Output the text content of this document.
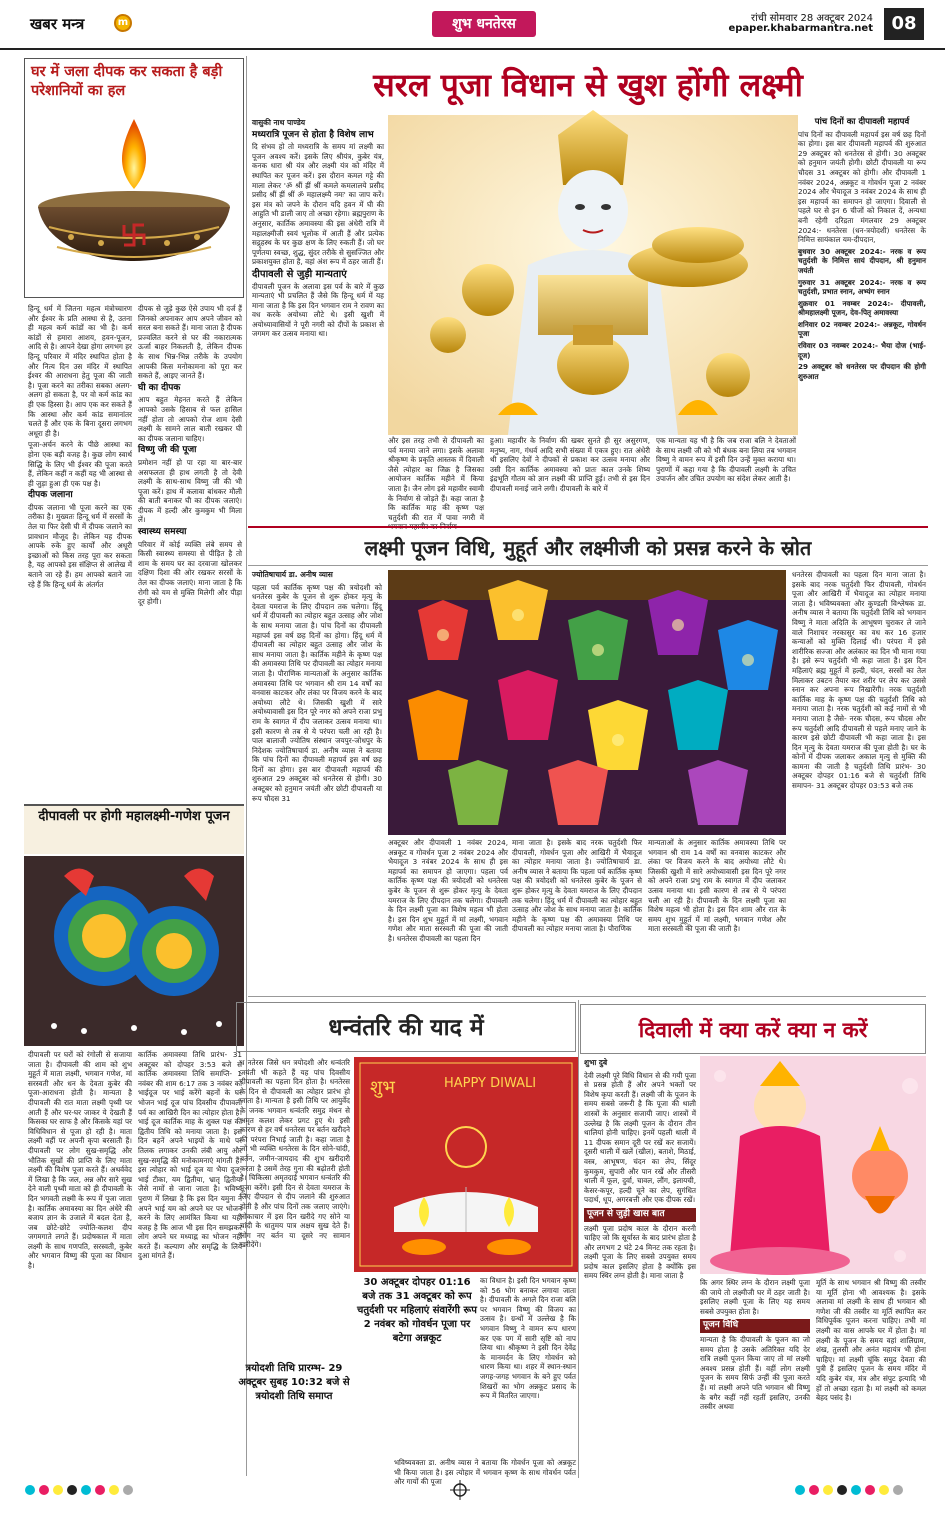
खबर मन्त्र	m	शुभ धनतेरस	रांची सोमवार 28 अक्टूबर 2024
epaper.khabarmantra.net	08
घर में जला दीपक कर सकता है बड़ी परेशानियों का हल

हिन्दू धर्म में जितना महत्व मंत्रोच्चारण और ईश्वर के प्रति आस्था से है, उतना ही महत्व कर्म कांडों का भी है। कर्म कांडों से हमारा आशय, हवन-पूजन, आदि से है। आपने देखा होगा लगभग हर हिन्दू परिवार में मंदिर स्थापित होता है और नित्य दिन उस मंदिर में स्थापित ईश्वर की आराधना हेतु पूजा की जाती है। पूजा करने का तरीका सबका अलग-अलग हो सकता है, पर वो कर्म कांड का ही एक हिस्सा है। आप एक कर सकते हैं कि आस्था और कर्म कांड समानांतर चलते हैं और एक के बिना दूसरा लगभग अधूरा ही है।

पूजा-अर्चन करने के पीछे आस्था का होना एक बड़ी वजह है। कुछ लोग स्वार्थ सिद्धि के लिए भी ईश्वर की पूजा करते हैं, लेकिन कहीं न कहीं यह भी आस्था से ही जुड़ा हुआ ही एक पक्ष है।

दीपक जलाना

दीपक जलाना भी पूजा करने का एक तरीका है। मुख्यतः हिन्दू धर्म में सरसों के तेल या फिर देसी घी में दीपक जलाने का प्रावधान मौजूद है। लेकिन यह दीपक आपके रुके हुए कार्यों और अधूरी इच्छाओं को किस तरह पूरा कर सकता है, यह आपको इस संक्षिप्त से आलेख में बताने जा रहे हैं। हम आपको बताने जा रहे हैं कि हिन्दू धर्म के अंतर्गत

दीपक से जुड़े कुछ ऐसे उपाय भी दर्ज हैं जिनको अपनाकर आप अपने जीवन को सरल बना सकते हैं। माना जाता है दीपक प्रज्वलित करने से घर की नकारात्मक ऊर्जा बाहर निकलती है, लेकिन दीपक के साथ भिन्न-भिन्न तरीके के उपयोग आपकी किस मनोकामना को पूरा कर सकते हैं, आइए जानते हैं।

घी का दीपक

आप बहुत मेहनत करते हैं लेकिन आपको उसके हिसाब से फल हासिल नहीं होता तो आपको रोज शाम देसी लक्ष्मी के सामने लाल बाती रखकर घी का दीपक जलाना चाहिए।

विष्णु जी की पूजा

प्रमोशन नहीं हो पा रहा या बार-बार असफलता ही हाथ लगती है तो देवी लक्ष्मी के साथ-साथ विष्णु जी की भी पूजा करें। हाथ में कलावा बांधकर मौली की बाती बनाकर घी का दीपक जलाएं। दीपक में हल्दी और कुमकुम भी मिला लें।

स्वास्थ्य समस्या

परिवार में कोई व्यक्ति लंबे समय से किसी स्वास्थ्य समस्या से पीड़ित है तो शाम के समय घर का दरवाजा खोलकर दक्षिण दिशा की ओर रखकर सरसों के तेल का दीपक जलाएं। माना जाता है कि रोगी को यम से मुक्ति मिलेगी और पीड़ा दूर होगी।

सरल पूजा विधान से खुश होंगी लक्ष्मी
वासुकी नाथ पाण्डेय
मध्यरात्रि पूजन से होता है विशेष लाभ

दि संभव हो तो मध्यरात्रि के समय मां लक्ष्मी का पूजन अवश्य करें। इसके लिए श्रीयंत्र, कुबेर यंत्र, कनक धारा श्री यंत्र और लक्ष्मी यंत्र को मंदिर में स्थापित कर पूजन करें। इस दौरान कमल गट्टे की माला लेकर 'ॐ श्रीं ह्रीं श्रीं कमले कमलालये प्रसीद प्रसीद श्रीं ह्रीं श्रीं ॐ महालक्ष्म्यै नमः' का जाप करें। इस मंत्र को जपने के दौरान यदि हवन में घी की आहुति भी डाली जाए तो अच्छा रहेगा। ब्रह्मपुराण के अनुसार, कार्तिक अमावस्या की इस अंधेरी रात्रि में महालक्ष्मीजी स्वयं भूलोक में आती हैं और प्रत्येक सद्गृहस्थ के घर कुछ क्षण के लिए रुकती हैं। जो घर पूर्णतया स्वच्छ, शुद्ध, सुंदर तरीके से सुसज्जित और प्रकाशयुक्त होता है, वहां अंश रूप में ठहर जाती हैं।

दीपावली से जुड़ी मान्यताएं

दीपावली पूजन के अलावा इस पर्व के बारे में कुछ मान्यताएं भी प्रचलित हैं जैसे कि हिन्दू धर्म में यह माना जाता है कि इस दिन भगवान राम ने रावण का वध करके अयोध्या लौटे थे। इसी खुशी में अयोध्यावासियों ने पूरी नगरी को दीपों के प्रकाश से जगमग कर उत्सव मनाया था।

और इस तरह तभी से दीपावली का पर्व मनाया जाने लगा। इसके अलावा श्रीकृष्ण के प्रकृति आस्तक में दिवाली जैसे त्योहार का जिक्र है जिसका आयोजन कार्तिक महीने में किया जाता है। जैन लोग इसे महावीर स्वामी के निर्वाण से जोड़ते हैं। कहा जाता है कि कार्तिक माह की कृष्ण पक्ष चतुर्दशी की रात में पावा नगरी में भगवान महावीर का निर्वाण

हुआ। महावीर के निर्वाण की खबर सुनते ही सुर असुरगण, मनुष्य, नाग, गंधर्व आदि सभी संख्या में एकत्र हुए। रात अंधेरी थी इसलिए देवों ने दीपकों से प्रकाश कर उत्सव मनाया और उसी दिन कार्तिक अमावस्या को प्रातः काल उनके शिष्य इंद्रभूति गौतम को ज्ञान लक्ष्मी की प्राप्ति हुई। तभी से इस दिन दीपावली मनाई जाने लगी। दीपावली के बारे में

एक मान्यता यह भी है कि जब राजा बलि ने देवताओं के साथ लक्ष्मी जी को भी बंधक बना लिया तब भगवान विष्णु ने वामन रूप में इसी दिन उन्हें मुक्त कराया था। पुराणों में कहा गया है कि दीपावली लक्ष्मी के उचित उपार्जन और उचित उपयोग का संदेश लेकर आती है।

पांच दिनों का दीपावली महापर्व

पांच दिनों का दीपावली महापर्व इस वर्ष छह दिनों का होगा। इस बार दीपावली महापर्व की शुरुआत 29 अक्टूबर को धनतेरस से होगी। 30 अक्टूबर को हनुमान जयंती होगी। छोटी दीपावली या रूप चौदस 31 अक्टूबर को होगी। और दीपावली 1 नवंबर 2024, अन्नकूट व गोवर्धन पूजा 2 नवंबर 2024 और भैयादूज 3 नवंबर 2024 के साथ ही इस महापर्व का समापन हो जाएगा। दिवाली से पहले घर से इन 6 चीजों को निकाल दें, अन्यथा बनी रहेगी दरिद्रता मंगलवार 29 अक्टूबर 2024:- धनतेरस (धन-त्रयोदशी) धनतेरस के निमित्त सायंकाल यम-दीपदान,

बुधवार 30 अक्टूबर 2024:- नरक व रूप चतुर्दशी के निमित्त सायं दीपदान, श्री हनुमान जयंती

गुरुवार 31 अक्टूबर 2024:- नरक व रूप चतुर्दशी, प्रभात स्नान, अभ्यंग स्नान

शुक्रवार 01 नवम्बर 2024:- दीपावली, श्रीमहालक्ष्मी पूजन, देव-पितृ अमावस्या

शनिवार 02 नवम्बर 2024:- अन्नकूट, गोवर्धन पूजा

रविवार 03 नवम्बर 2024:- भैया दोज (भाई-दूज)

29 अक्टूबर को धनतेरस पर दीपदान की होगी शुरुआत

लक्ष्मी पूजन विधि, मुहूर्त और लक्ष्मीजी को प्रसन्न करने के स्रोत
ज्योतिषाचार्य डा. अनीष व्यास

पहला पर्व कार्तिक कृष्ण पक्ष की त्रयोदशी को धनतेरस कुबेर के पूजन से शुरू होकर मृत्यु के देवता यमराज के लिए दीपदान तक चलेगा। हिंदू धर्म में दीपावली का त्योहार बहुत उत्साह और जोश के साथ मनाया जाता है। पांच दिनों का दीपावली महापर्व इस वर्ष छह दिनों का होगा। हिंदू धर्म में दीपावली का त्योहार बहुत उत्साह और जोश के साथ मनाया जाता है। कार्तिक महीने के कृष्ण पक्ष की अमावस्या तिथि पर दीपावली का त्योहार मनाया जाता है। पौराणिक मान्यताओं के अनुसार कार्तिक अमावस्या तिथि पर भगवान श्री राम 14 वर्षों का वनवास काटकर और लंका पर विजय करने के बाद अयोध्या लौटे थे। जिसकी खुशी में सारे अयोध्यावासी इस दिन पूरे नगर को अपने राजा प्रभु राम के स्वागत में दीप जलाकर उत्सव मनाया था। इसी कारण से तब से ये परंपरा चली आ रही है। पाल बालाजी ज्योतिष संस्थान जयपुर-जोधपुर के निदेशक ज्योतिषाचार्य डा. अनीष व्यास ने बताया कि पांच दिनों का दीपावली महापर्व इस वर्ष छह दिनों का होगा। इस बार दीपावली महापर्व की शुरुआत 29 अक्टूबर को धनतेरस से होगी। 30 अक्टूबर को हनुमान जयंती और छोटी दीपावली या रूप चौदस 31

अक्टूबर और दीपावली 1 नवंबर 2024, अन्नकूट व गोवर्धन पूजा 2 नवंबर 2024 और भैयादूज 3 नवंबर 2024 के साथ ही इस महापर्व का समापन हो जाएगा। पहला पर्व कार्तिक कृष्ण पक्ष की त्रयोदशी को धनतेरस कुबेर के पूजन से शुरू होकर मृत्यु के देवता यमराज के लिए दीपदान तक चलेगा। दीपावली के दिन लक्ष्मी पूजा का विशेष महत्व भी होता है। इस दिन शुभ मुहूर्त में मां लक्ष्मी, भगवान गणेश और माता सरस्वती की पूजा की जाती है। धनतेरस दीपावली का पहला दिन

माना जाता है। इसके बाद नरक चतुर्दशी फिर दीपावली, गोवर्धन पूजा और आखिरी में भैयादूज का त्योहार मनाया जाता है। ज्योतिषाचार्य डा. अनीष व्यास ने बताया कि पहला पर्व कार्तिक कृष्ण पक्ष की त्रयोदशी को धनतेरस कुबेर के पूजन से शुरू होकर मृत्यु के देवता यमराज के लिए दीपदान तक चलेगा। हिंदू धर्म में दीपावली का त्योहार बहुत उत्साह और जोश के साथ मनाया जाता है। कार्तिक महीने के कृष्ण पक्ष की अमावस्या तिथि पर दीपावली का त्योहार मनाया जाता है। पौराणिक

मान्यताओं के अनुसार कार्तिक अमावस्या तिथि पर भगवान श्री राम 14 वर्षों का वनवास काटकर और लंका पर विजय करने के बाद अयोध्या लौटे थे। जिसकी खुशी में सारे अयोध्यावासी इस दिन पूरे नगर को अपने राजा प्रभु राम के स्वागत में दीप जलाकर उत्सव मनाया था। इसी कारण से तब से ये परंपरा चली आ रही है। दीपावली के दिन लक्ष्मी पूजा का विशेष महत्व भी होता है। इस दिन शाम और रात के समय शुभ मुहूर्त में मां लक्ष्मी, भगवान गणेश और माता सरस्वती की पूजा की जाती है।

धनतेरस दीपावली का पहला दिन माना जाता है। इसके बाद नरक चतुर्दशी फिर दीपावली, गोवर्धन पूजा और आखिरी में भैयादूज का त्योहार मनाया जाता है। भविष्यवक्ता और कुण्डली विश्लेषक डा. अनीष व्यास ने बताया कि चतुर्दशी तिथि को भगवान विष्णु ने माता अदिति के आभूषण चुराकर ले जाने वाले निशाचर नरकासुर का वध कर 16 हजार कन्याओं को मुक्ति दिलाई थी। परंपरा में इसे शारीरिक सज्जा और अलंकार का दिन भी माना गया है। इसे रूप चतुर्दशी भी कहा जाता है। इस दिन महिलाएं ब्रह्म मुहूर्त में हल्दी, चंदन, सरसों का तेल मिलाकर उबटन तैयार कर शरीर पर लेप कर उससे स्नान कर अपना रूप निखारेंगी। नरक चतुर्दशी कार्तिक माह के कृष्ण पक्ष की चतुर्दशी तिथि को मनाया जाता है। नरक चतुर्दशी को कई नामों से भी मनाया जाता है जैसे- नरक चौदस, रूप चौदस और रूप चतुर्दशी आदि दीपावली से पहले मनाए जाने के कारण इसे छोटी दीपावली भी कहा जाता है। इस दिन मृत्यु के देवता यमराज की पूजा होती है। घर के कोनों में दीपक जलाकर अकाल मृत्यु से मुक्ति की कामना की जाती है चतुर्दशी तिथि प्रारंभ- 30 अक्टूबर दोपहर 01:16 बजे से चतुर्दशी तिथि समापन- 31 अक्टूबर दोपहर 03:53 बजे तक

दीपावली पर होगी महालक्ष्मी-गणेश पूजन

दीपावली पर घरों को रंगोली से सजाया जाता है। दीपावली की शाम को शुभ मुहूर्त में माता लक्ष्मी, भगवान गणेश, मां सरस्वती और धन के देवता कुबेर की पूजा-आराधना होती है। मान्यता है दीपावली की रात माता लक्ष्मी पृथ्वी पर आती हैं और घर-घर जाकर ये देखती हैं किसका घर साफ है और किसके यहां पर विधिविधान से पूजा हो रही है। माता लक्ष्मी वहीं पर अपनी कृपा बरसाती हैं। दीपावली पर लोग सुख-समृद्धि और भौतिक सुखों की प्राप्ति के लिए माता लक्ष्मी की विशेष पूजा करते हैं। अथर्ववेद में लिखा है कि जल, अन्न और सारे सुख देने वाली पृथ्वी माता को ही दीपावली के दिन भगवती लक्ष्मी के रूप में पूजा जाता है। कार्तिक अमावस्या का दिन अंधेरे की बजाय ज्ञान के उजाले में बदल देता है, जब छोटे-छोटे ज्योति-कलश दीप जगमगाते लगते हैं। प्रदोषकाल में माता लक्ष्मी के साथ गणपति, सरस्वती, कुबेर और भगवान विष्णु की पूजा का विधान है।

कार्तिक अमावस्या तिथि प्रारंभ- 31 अक्टूबर को दोपहर 3:53 बजे से कार्तिक अमावस्या तिथि समाप्ति- 1 नवंबर की शाम 6:17 तक 3 नवंबर को भाईदूज पर भाई करेंगे बहनों के घर भोजन भाई दूज पांच दिवसीय दीपावली पर्व का आखिरी दिन का त्योहार होता है। भाई दूज कार्तिक माह के शुक्ल पक्ष की द्वितीय तिथि को मनाया जाता है। इस दिन बहनें अपने भाइयों के माथे पर तिलक लगाकर उनकी लंबी आयु और सुख-समृद्धि की मनोकामनाएं मांगती हैं। इस त्योहार को भाई दूज या भैया दूज, भाई टीका, यम द्वितीया, भ्रातृ द्वितीया जैसे नामों से जाना जाता है। भविष्य पुराण में लिखा है कि इस दिन यमुना ने अपने भाई यम को अपने घर पर भोजन करने के लिए आमंत्रित किया था यही वजह है कि आज भी इस दिन समझकर लोग अपने घर मध्याह्न का भोजन नहीं करते हैं। कल्याण और समृद्धि के लिये दुआ मांगते हैं।

धन्वंतरि की याद में

ध नतेरस जिसे धन त्रयोदशी और धन्वंतरि जयंती भी कहते हैं यह पांच दिवसीय दीपावली का पहला दिन होता है। धनतेरस के दिन से दीपावली का त्योहार प्रारंभ हो जाता है। मान्यता है इसी तिथि पर आयुर्वेद के जनक भगवान धन्वंतरि समुद्र मंथन से अमृत कलश लेकर प्रगट हुए थे। इसी कारण से हर वर्ष धनतेरस पर बर्तन खरीदने की परंपरा निभाई जाती है। कहा जाता है जो भी व्यक्ति धनतेरस के दिन सोने-चांदी, बर्तन, जमीन-जायदाद की शुभ खरीदारी करता है उसमें तेरह गुना की बढ़ोतरी होती है। चिकित्सा अमृतदाई भगवान धन्वंतरि की पूजा करेंगे। इसी दिन से देवता यमराज के लिए दीपदान से दीप जलाने की शुरुआत होती है और पांच दिनों तक जलाए जाएंगे। लोकाचार में इस दिन खरीदे गए सोने या चांदी के धातुमय पात्र अक्षय सुख देते हैं। लोग नए बर्तन या दूसरे नए सामान खरीदेंगे।

शुभ	HAPPY DIWALI
त्रयोदशी तिथि प्रारम्भ- 29 अक्टूबर सुबह 10:32 बजे से त्रयोदशी तिथि समाप्त
30 अक्टूबर दोपहर 01:16 बजे तक 31 अक्टूबर को रूप चतुर्दशी पर महिलाएं संवारेंगी रूप 2 नवंबर को गोवर्धन पूजा पर बटेगा अन्नकूट

का विधान है। इसी दिन भगवान कृष्ण को 56 भोग बनाकर लगाया जाता है। दीपावली के अगले दिन राजा बलि पर भगवान विष्णु की विजय का उत्सव है। ग्रन्थों में उल्लेख है कि भगवान विष्णु ने वामन रूप धारण कर एक पग में सारी सृष्टि को नाप लिया था। श्रीकृष्ण ने इसी दिन देवेंद्र के मानमर्दन के लिए गोवर्धन को धारण किया था। शहर में स्थान-स्थान जगह-जगह भगवान के बने हुए पर्वत शिखरों का भोग अन्नकूट प्रसाद के रूप में वितरित जाएगा।

भविष्यवक्ता डा. अनीष व्यास ने बताया कि गोवर्धन पूजा को अन्नकूट भी किया जाता है। इस त्योहार में भगवान कृष्ण के साथ गोवर्धन पर्वत और गायों की पूजा

दिवाली में क्या करें क्या न करें
शुभा दुबे

देवी लक्ष्मी पूरे विधि विधान से की गयी पूजा से प्रसन्न होती हैं और अपने भक्तों पर विशेष कृपा करती हैं। लक्ष्मी जी के पूजन के समय सबसे जरूरी है कि पूजा की थाली शास्त्रों के अनुसार सजायी जाए। शास्त्रों में उल्लेख है कि लक्ष्मी पूजन के दौरान तीन थालियां होनी चाहिए। इनमें पहली थाली में 11 दीपक समान दूरी पर रखें कर सजायें। दूसरी थाली में खलें (खील), बताशे, मिठाई, वस्त्र, आभूषण, चंदन का लेप, सिंदूर कुमकुम, सुपारी और पान रखें और तीसरी थाली में फूल, दुर्वा, चावल, लौंग, इलायची, केसर-कपूर, हल्दी चूने का लेप, सुगंधित पदार्थ, धूप, अगरबत्ती और एक दीपक रखें।

पूजन से जुड़ी खास बात

लक्ष्मी पूजा प्रदोष काल के दौरान करनी चाहिए जो कि सूर्यास्त के बाद प्रारंभ होता है और लगभग 2 घंटे 24 मिनट तक रहता है। लक्ष्मी पूजा के लिए सबसे उपयुक्त समय प्रदोष काल इसलिए होता है क्योंकि इस समय स्थिर लग्न होती है। माना जाता है

कि अगर स्थिर लग्न के दौरान लक्ष्मी पूजा की जाये तो लक्ष्मीजी घर में ठहर जाती है। इसलिए लक्ष्मी पूजा के लिए यह समय सबसे उपयुक्त होता है।

पूजन विधि

मान्यता है कि दीपावली के पूजन का जो समय होता है उसके अतिरिक्त यदि देर रात्रि लक्ष्मी पूजन किया जाए तो मां लक्ष्मी अवश्य प्रसन्न होती हैं। वहीं लोग लक्ष्मी पूजन के समय सिर्फ उन्हीं की पूजा करते हैं। मां लक्ष्मी अपने पति भगवान श्री विष्णु के बगैर कहीं नहीं रहतीं इसलिए, उनकी तस्वीर अथवा

मूर्ति के साथ भगवान श्री विष्णु की तस्वीर या मूर्ति होना भी आवश्यक है। इसके अलावा मां लक्ष्मी के साथ ही भगवान श्री गणेश जी की तस्वीर या मूर्ति स्थापित कर विधिपूर्वक पूजन करना चाहिए। तभी मां लक्ष्मी का वास आपके घर में होता है। मां लक्ष्मी के पूजन के समय वहां शालिग्राम, शंख, तुलसी और अनंत महायंत्र भी होना चाहिए। मां लक्ष्मी चूंकि समुद्र देवता की पुत्री हैं इसलिए पूजन के समय मंदिर में यदि कुबेर यंत्र, मंत्र और संपुट इत्यादि भी हों तो अच्छा रहता है। मां लक्ष्मी को कमल बेहद पसंद है।
